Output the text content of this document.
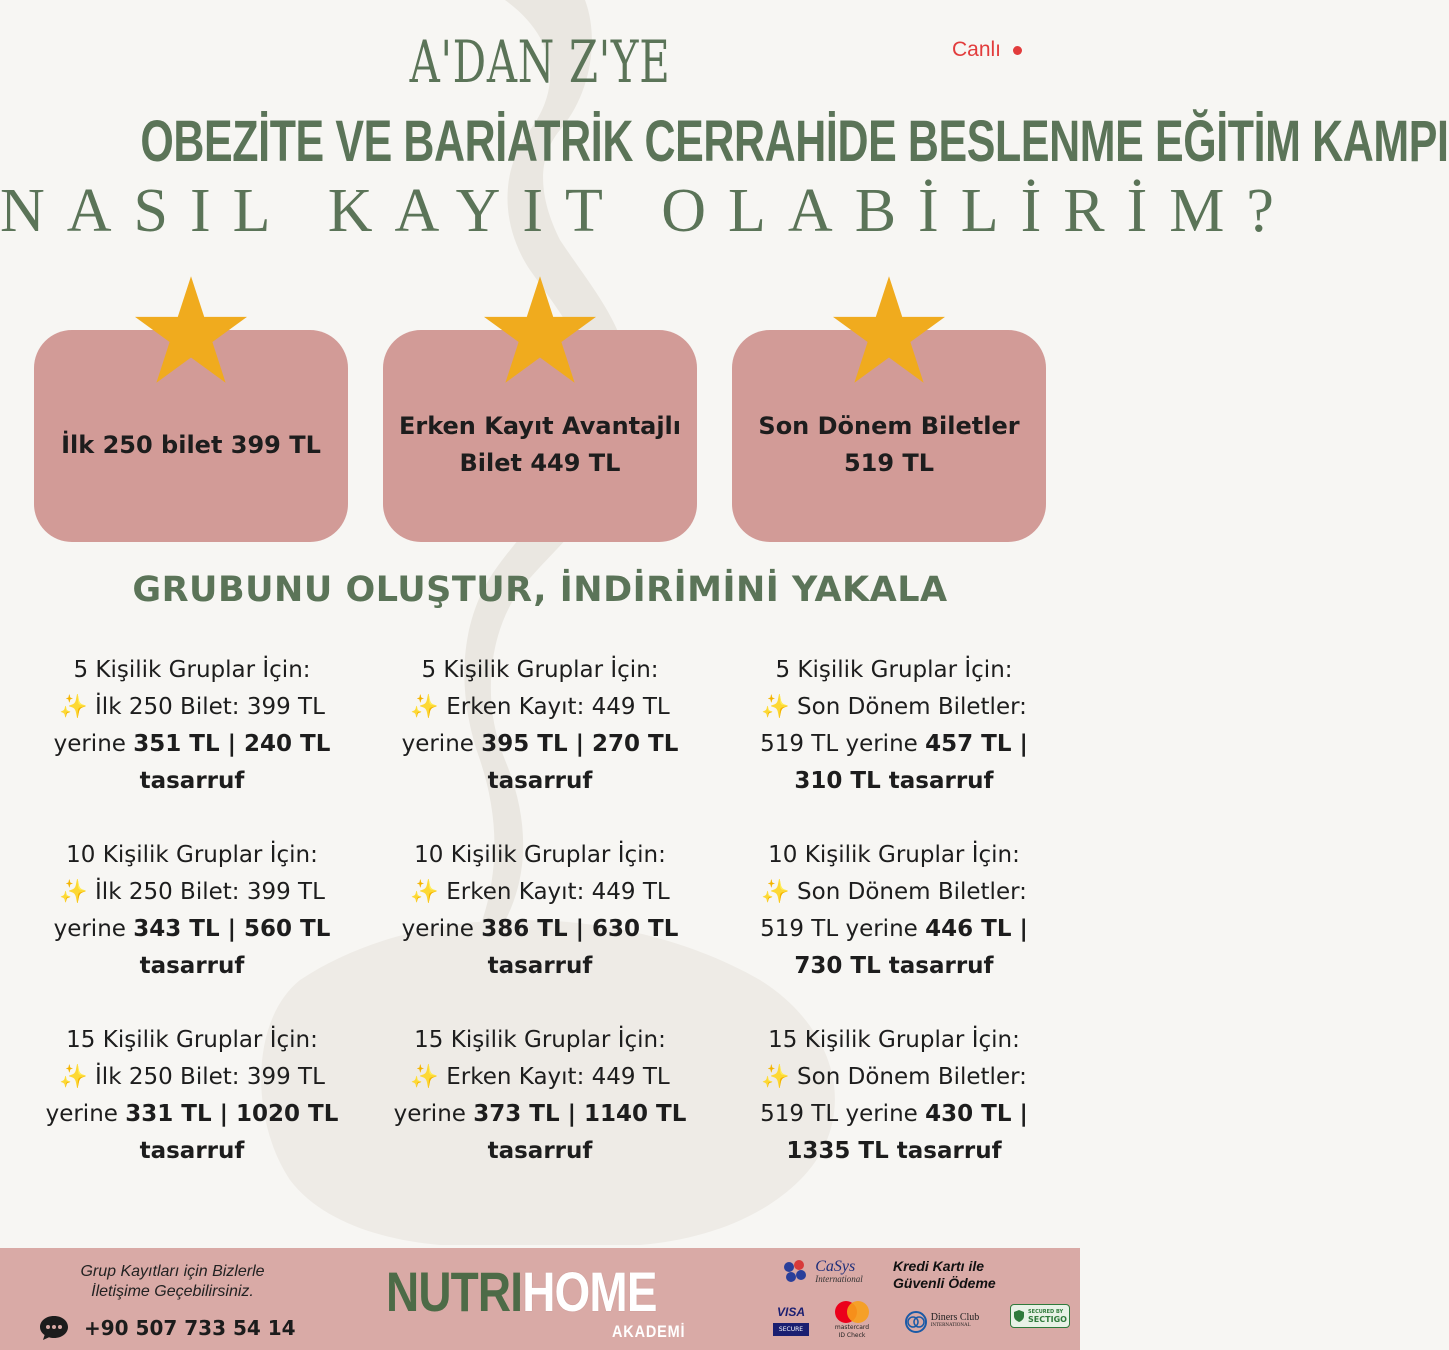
Canlı
A'DAN Z'YE
OBEZİTE VE BARİATRİK CERRAHİDE BESLENME EĞİTİM KAMPI
NASIL KAYIT OLABİLİRİM?
İlk 250 bilet 399 TL
Erken Kayıt Avantajlı
Bilet 449 TL
Son Dönem Biletler
519 TL
GRUBUNU OLUŞTUR, İNDİRİMİNİ YAKALA
5 Kişilik Gruplar İçin:
✨ İlk 250 Bilet: 399 TL
yerine 351 TL | 240 TL
tasarruf
10 Kişilik Gruplar İçin:
✨ İlk 250 Bilet: 399 TL
yerine 343 TL | 560 TL
tasarruf
15 Kişilik Gruplar İçin:
✨ İlk 250 Bilet: 399 TL
yerine 331 TL | 1020 TL
tasarruf
5 Kişilik Gruplar İçin:
✨ Erken Kayıt: 449 TL
yerine 395 TL | 270 TL
tasarruf
10 Kişilik Gruplar İçin:
✨ Erken Kayıt: 449 TL
yerine 386 TL | 630 TL
tasarruf
15 Kişilik Gruplar İçin:
✨ Erken Kayıt: 449 TL
yerine 373 TL | 1140 TL
tasarruf
5 Kişilik Gruplar İçin:
✨ Son Dönem Biletler:
519 TL yerine 457 TL |
310 TL tasarruf
10 Kişilik Gruplar İçin:
✨ Son Dönem Biletler:
519 TL yerine 446 TL |
730 TL tasarruf
15 Kişilik Gruplar İçin:
✨ Son Dönem Biletler:
519 TL yerine 430 TL |
1335 TL tasarruf
Grup Kayıtları için Bizlerle
İletişime Geçebilirsiniz.
+90 507 733 54 14
NUTRIHOME
AKADEMİ
CaSys
International
Kredi Kartı ile
Güvenli Ödeme
VISA
SECURE	mastercard
ID Check
Diners Club
INTERNATIONAL
SECURED BY
SECTIGO
